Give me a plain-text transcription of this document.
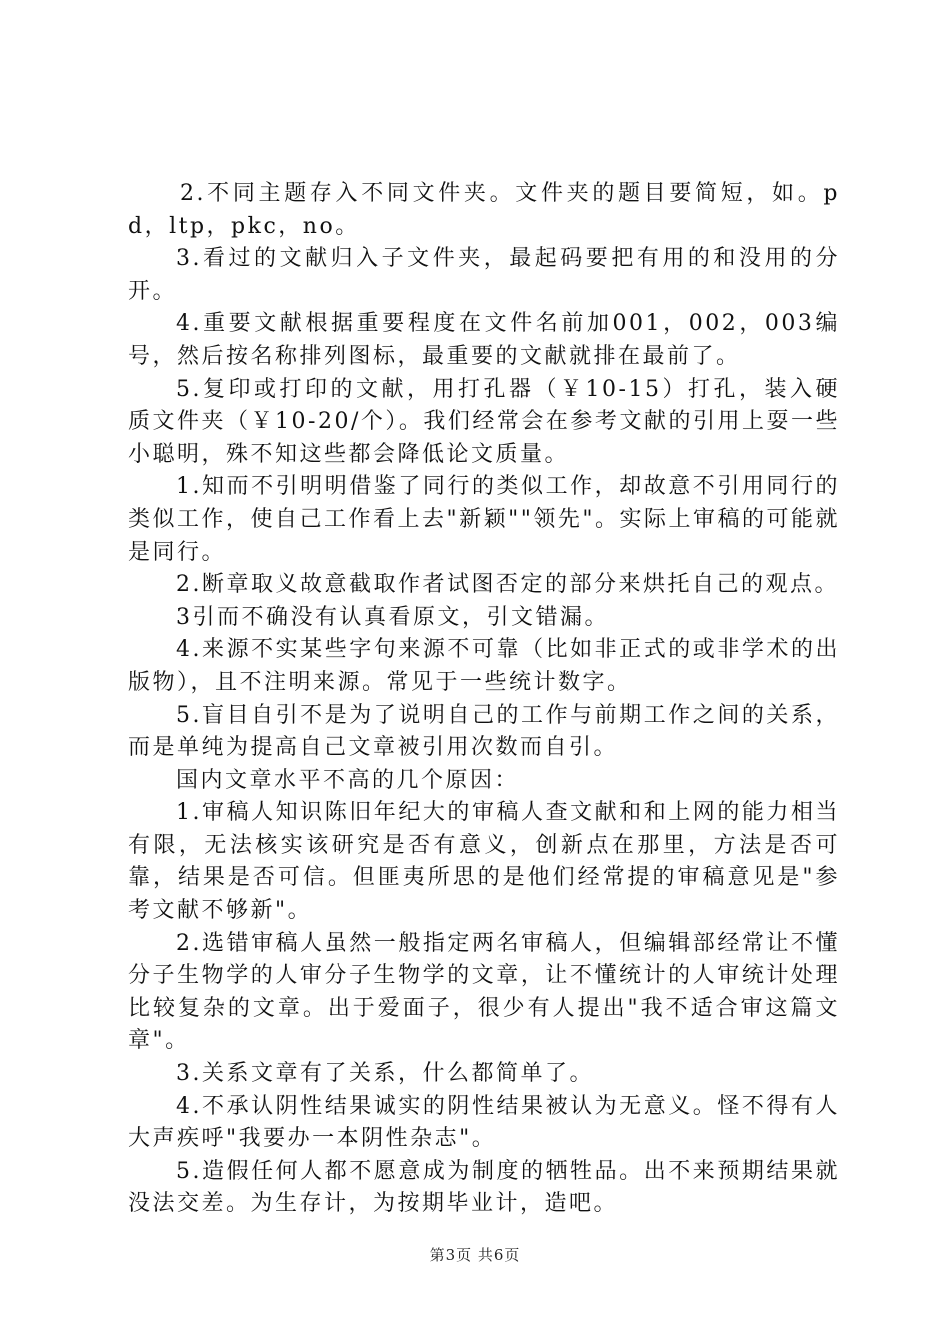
2.不同主题存入不同文件夹。文件夹的题目要简短，如。pd，ltp，pkc，no。

3.看过的文献归入子文件夹，最起码要把有用的和没用的分开。

4.重要文献根据重要程度在文件名前加001，002，003编号，然后按名称排列图标，最重要的文献就排在最前了。

5.复印或打印的文献，用打孔器（￥10-15）打孔，装入硬质文件夹（￥10-20/个）。我们经常会在参考文献的引用上耍一些小聪明，殊不知这些都会降低论文质量。

1.知而不引明明借鉴了同行的类似工作，却故意不引用同行的类似工作，使自己工作看上去"新颖""领先"。实际上审稿的可能就是同行。

2.断章取义故意截取作者试图否定的部分来烘托自己的观点。

3引而不确没有认真看原文，引文错漏。

4.来源不实某些字句来源不可靠（比如非正式的或非学术的出版物），且不注明来源。常见于一些统计数字。

5.盲目自引不是为了说明自己的工作与前期工作之间的关系，而是单纯为提高自己文章被引用次数而自引。

国内文章水平不高的几个原因：

1.审稿人知识陈旧年纪大的审稿人查文献和和上网的能力相当有限，无法核实该研究是否有意义，创新点在那里，方法是否可靠，结果是否可信。但匪夷所思的是他们经常提的审稿意见是"参考文献不够新"。

2.选错审稿人虽然一般指定两名审稿人，但编辑部经常让不懂分子生物学的人审分子生物学的文章，让不懂统计的人审统计处理比较复杂的文章。出于爱面子，很少有人提出"我不适合审这篇文章"。

3.关系文章有了关系，什么都简单了。

4.不承认阴性结果诚实的阴性结果被认为无意义。怪不得有人大声疾呼"我要办一本阴性杂志"。

5.造假任何人都不愿意成为制度的牺牲品。出不来预期结果就没法交差。为生存计，为按期毕业计，造吧。

第3页 共6页
